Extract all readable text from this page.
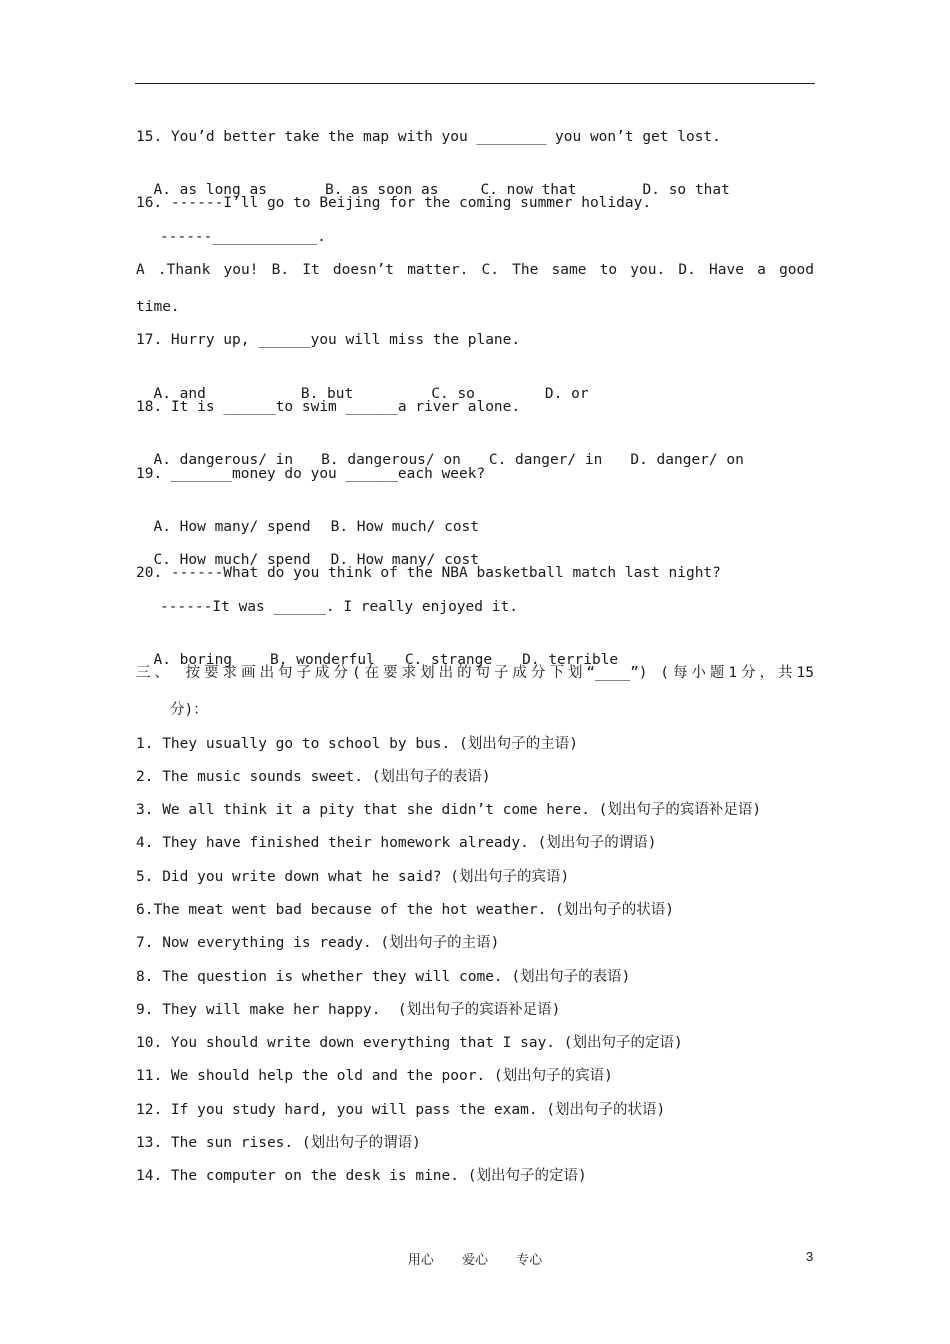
15. You’d better take the map with you ________ you won’t get lost.

A. as long as	B. as soon as	C. now that	D. so that

16. ------I’ll go to Beijing for the coming summer holiday.
------____________.
A .Thank you! B. It doesn’t matter. C. The same to you. D. Have a good
time.
17. Hurry up, ______you will miss the plane.

A. and	B. but	C. so	D. or

18. It is ______to swim ______a river alone.

A. dangerous/ in B. dangerous/ on C. danger/ in D. danger/ on

19. _______money do you ______each week?

A. How many/ spend B. How much/ cost

C. How much/ spend D. How many/ cost

20. ------What do you think of the NBA basketball match last night?
------It was ______. I really enjoyed it.

A. boring	B. wonderful C. strange D. terrible

三、 按要求画出句子成分(在要求划出的句子成分下划“____”) (每小题1分，共15
分)：
1. They usually go to school by bus. (划出句子的主语)
2. The music sounds sweet. (划出句子的表语)
3. We all think it a pity that she didn’t come here. (划出句子的宾语补足语)
4. They have finished their homework already. (划出句子的谓语)
5. Did you write down what he said? (划出句子的宾语)
6.The meat went bad because of the hot weather. (划出句子的状语)
7. Now everything is ready. (划出句子的主语)
8. The question is whether they will come. (划出句子的表语)
9. They will make her happy.  (划出句子的宾语补足语)
10. You should write down everything that I say. (划出句子的定语)
11. We should help the old and the poor. (划出句子的宾语)
12. If you study hard, you will pass the exam. (划出句子的状语)
13. The sun rises. (划出句子的谓语)
14. The computer on the desk is mine. (划出句子的定语)
用心 爱心 专心	3
